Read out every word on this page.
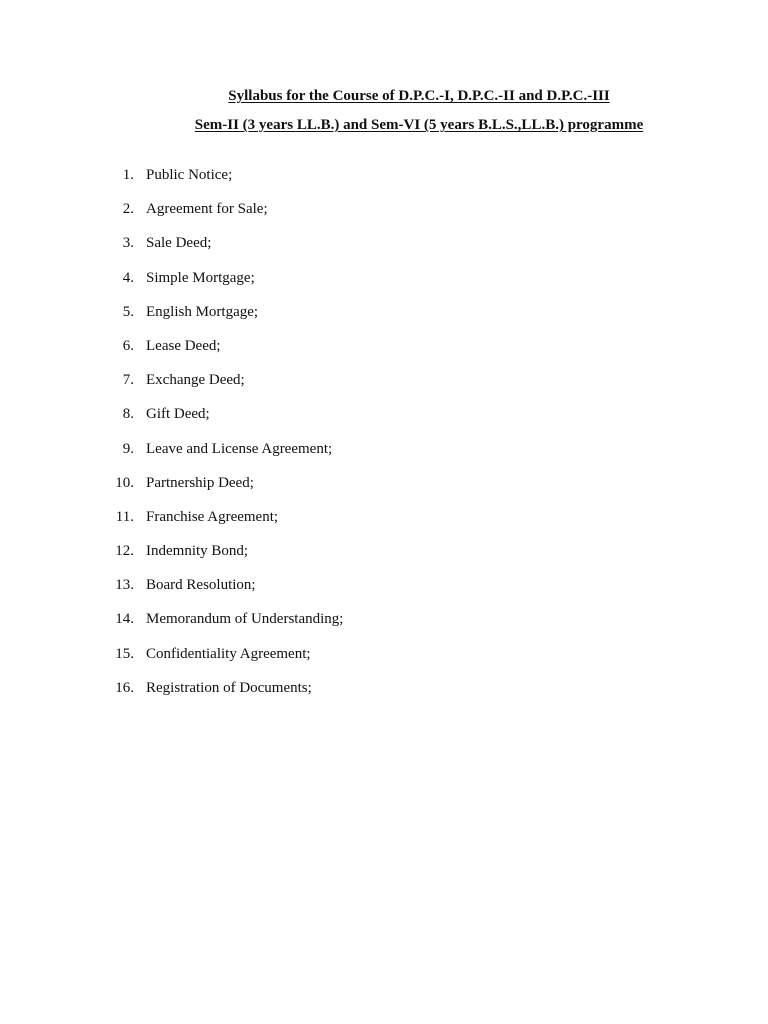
Syllabus for the Course of D.P.C.-I, D.P.C.-II and D.P.C.-III
Sem-II (3 years LL.B.) and Sem-VI (5 years B.L.S.,LL.B.) programme
1. Public Notice;
2. Agreement for Sale;
3. Sale Deed;
4. Simple Mortgage;
5. English Mortgage;
6. Lease Deed;
7. Exchange Deed;
8. Gift Deed;
9. Leave and License Agreement;
10. Partnership Deed;
11. Franchise Agreement;
12. Indemnity Bond;
13. Board Resolution;
14. Memorandum of Understanding;
15. Confidentiality Agreement;
16. Registration of Documents;
